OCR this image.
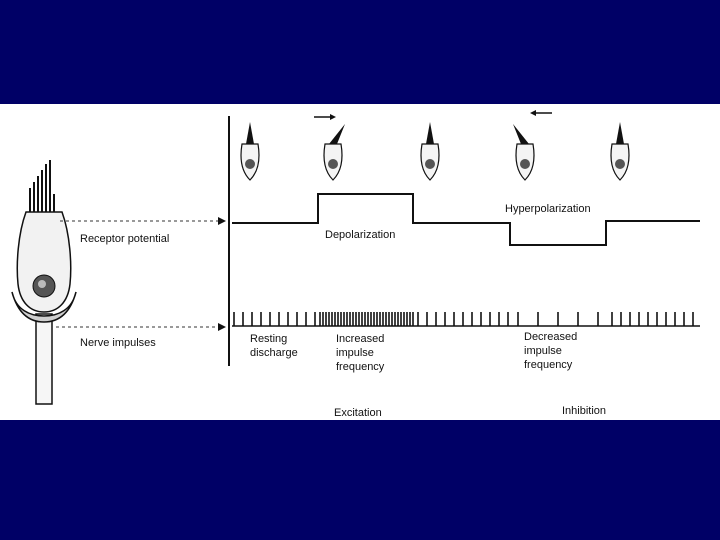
Receptor potential
Nerve impulses
Depolarization
Hyperpolarization
Resting
discharge
Increased
impulse
frequency
Decreased
impulse
frequency
Excitation	Inhibition
